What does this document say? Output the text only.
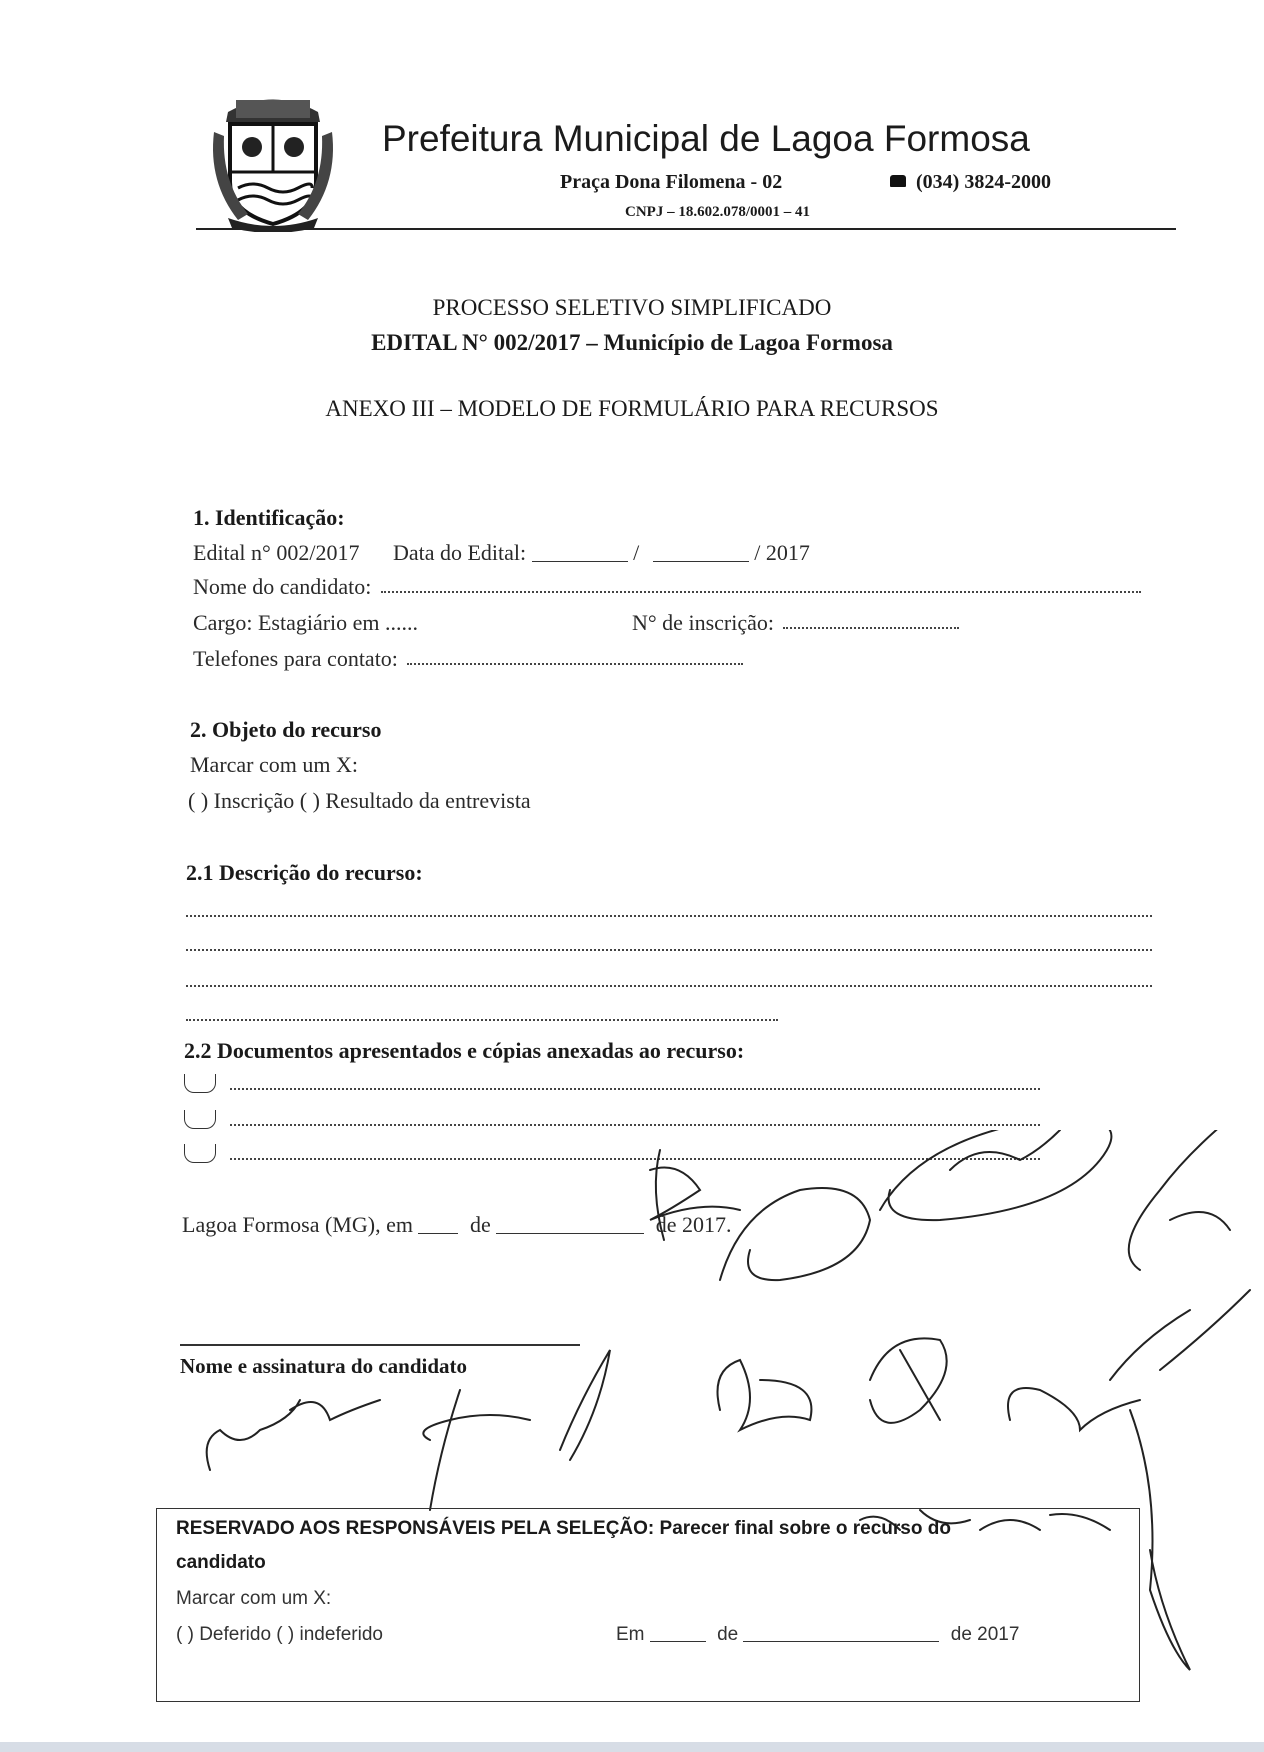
Prefeitura Municipal de Lagoa Formosa
Praça Dona Filomena - 02	(034) 3824-2000
CNPJ – 18.602.078/0001 – 41
PROCESSO SELETIVO SIMPLIFICADO
EDITAL N° 002/2017 – Município de Lagoa Formosa
ANEXO III – MODELO DE FORMULÁRIO PARA RECURSOS
1. Identificação:
Edital n° 002/2017 Data do Edital:	/	/ 2017
Nome do candidato:
Cargo: Estagiário em ......	N° de inscrição:
Telefones para contato:
2. Objeto do recurso
Marcar com um X:
( ) Inscrição ( ) Resultado da entrevista
2.1 Descrição do recurso:
2.2 Documentos apresentados e cópias anexadas ao recurso:
Lagoa Formosa (MG), em	de	de 2017.
Nome e assinatura do candidato
RESERVADO AOS RESPONSÁVEIS PELA SELEÇÃO: Parecer final sobre o recurso do
candidato
Marcar com um X:
( ) Deferido ( ) indeferido	Em	de	de 2017
